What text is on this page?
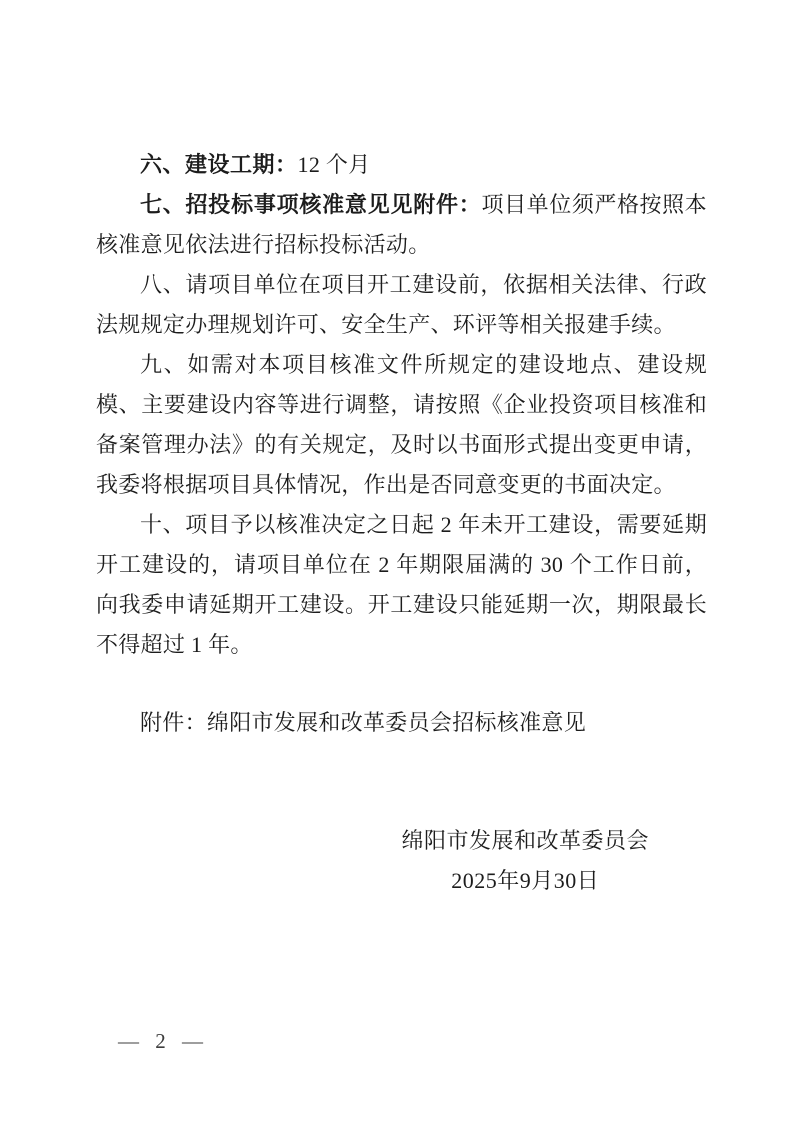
六、建设工期：12 个月

七、招投标事项核准意见见附件：项目单位须严格按照本核准意见依法进行招标投标活动。

八、请项目单位在项目开工建设前，依据相关法律、行政法规规定办理规划许可、安全生产、环评等相关报建手续。

九、如需对本项目核准文件所规定的建设地点、建设规模、主要建设内容等进行调整，请按照《企业投资项目核准和备案管理办法》的有关规定，及时以书面形式提出变更申请，我委将根据项目具体情况，作出是否同意变更的书面决定。

十、项目予以核准决定之日起 2 年未开工建设，需要延期开工建设的，请项目单位在 2 年期限届满的 30 个工作日前，向我委申请延期开工建设。开工建设只能延期一次，期限最长不得超过 1 年。

附件：绵阳市发展和改革委员会招标核准意见

绵阳市发展和改革委员会
2025年9月30日
— 2 —
